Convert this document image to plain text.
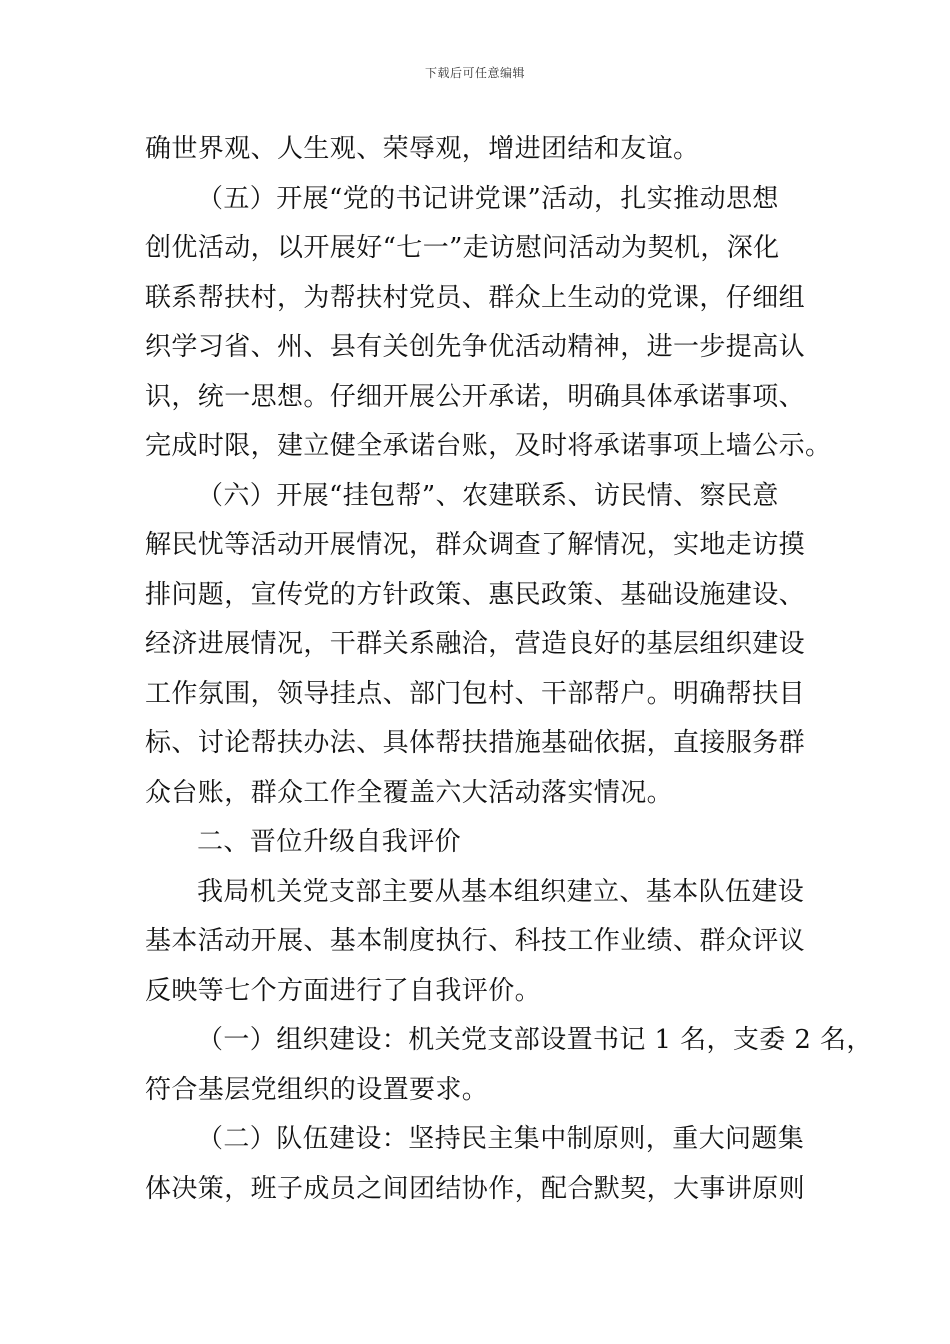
下载后可任意编辑
确世界观、人生观、荣辱观，增进团结和友谊。
（五）开展“党的书记讲党课”活动，扎实推动思想
创优活动，以开展好“七一”走访慰问活动为契机，深化
联系帮扶村，为帮扶村党员、群众上生动的党课，仔细组
织学习省、州、县有关创先争优活动精神，进一步提高认
识，统一思想。仔细开展公开承诺，明确具体承诺事项、
完成时限，建立健全承诺台账，及时将承诺事项上墙公示。
（六）开展“挂包帮”、农建联系、访民情、察民意
解民忧等活动开展情况，群众调查了解情况，实地走访摸
排问题，宣传党的方针政策、惠民政策、基础设施建设、
经济进展情况，干群关系融洽，营造良好的基层组织建设
工作氛围，领导挂点、部门包村、干部帮户。明确帮扶目
标、讨论帮扶办法、具体帮扶措施基础依据，直接服务群
众台账，群众工作全覆盖六大活动落实情况。
二、晋位升级自我评价
我局机关党支部主要从基本组织建立、基本队伍建设
基本活动开展、基本制度执行、科技工作业绩、群众评议
反映等七个方面进行了自我评价。
（一）组织建设：机关党支部设置书记 1 名，支委 2 名，
符合基层党组织的设置要求。
（二）队伍建设：坚持民主集中制原则，重大问题集
体决策，班子成员之间团结协作，配合默契，大事讲原则
